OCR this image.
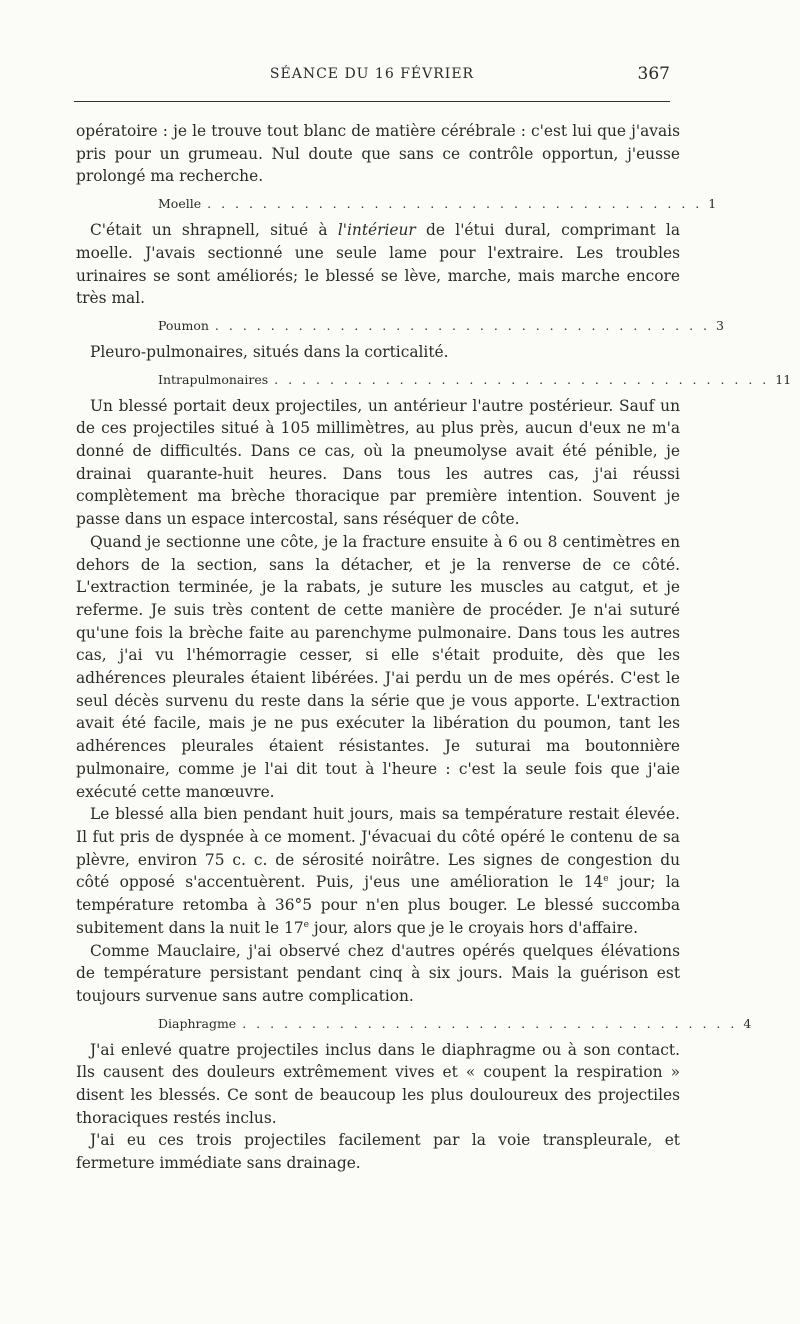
SÉANCE DU 16 FÉVRIER	367

opératoire : je le trouve tout blanc de matière cérébrale : c'est lui que j'avais pris pour un grumeau. Nul doute que sans ce contrôle opportun, j'eusse prolongé ma recherche.

Moelle . . . . . . . . . . . . . . . . . . . . . . . . . . . . . . . . . . . . 1

C'était un shrapnell, situé à l'intérieur de l'étui dural, comprimant la moelle. J'avais sectionné une seule lame pour l'extraire. Les troubles urinaires se sont améliorés; le blessé se lève, marche, mais marche encore très mal.

Poumon . . . . . . . . . . . . . . . . . . . . . . . . . . . . . . . . . . . . 3

Pleuro-pulmonaires, situés dans la corticalité.

Intrapulmonaires . . . . . . . . . . . . . . . . . . . . . . . . . . . . . . . . . . . . 11

Un blessé portait deux projectiles, un antérieur l'autre postérieur. Sauf un de ces projectiles situé à 105 millimètres, au plus près, aucun d'eux ne m'a donné de difficultés. Dans ce cas, où la pneumolyse avait été pénible, je drainai quarante-huit heures. Dans tous les autres cas, j'ai réussi complètement ma brèche thoracique par première intention. Souvent je passe dans un espace intercostal, sans réséquer de côte.

Quand je sectionne une côte, je la fracture ensuite à 6 ou 8 centimètres en dehors de la section, sans la détacher, et je la renverse de ce côté. L'extraction terminée, je la rabats, je suture les muscles au catgut, et je referme. Je suis très content de cette manière de procéder. Je n'ai suturé qu'une fois la brèche faite au parenchyme pulmonaire. Dans tous les autres cas, j'ai vu l'hémorragie cesser, si elle s'était produite, dès que les adhérences pleurales étaient libérées. J'ai perdu un de mes opérés. C'est le seul décès survenu du reste dans la série que je vous apporte. L'extraction avait été facile, mais je ne pus exécuter la libération du poumon, tant les adhérences pleurales étaient résistantes. Je suturai ma boutonnière pulmonaire, comme je l'ai dit tout à l'heure : c'est la seule fois que j'aie exécuté cette manœuvre.

Le blessé alla bien pendant huit jours, mais sa température restait élevée. Il fut pris de dyspnée à ce moment. J'évacuai du côté opéré le contenu de sa plèvre, environ 75 c. c. de sérosité noirâtre. Les signes de congestion du côté opposé s'accentuèrent. Puis, j'eus une amélioration le 14e jour; la température retomba à 36°5 pour n'en plus bouger. Le blessé succomba subitement dans la nuit le 17e jour, alors que je le croyais hors d'affaire.

Comme Mauclaire, j'ai observé chez d'autres opérés quelques élévations de température persistant pendant cinq à six jours. Mais la guérison est toujours survenue sans autre complication.

Diaphragme . . . . . . . . . . . . . . . . . . . . . . . . . . . . . . . . . . . . 4

J'ai enlevé quatre projectiles inclus dans le diaphragme ou à son contact. Ils causent des douleurs extrêmement vives et « coupent la respiration » disent les blessés. Ce sont de beaucoup les plus douloureux des projectiles thoraciques restés inclus.

J'ai eu ces trois projectiles facilement par la voie transpleurale, et fermeture immédiate sans drainage.
